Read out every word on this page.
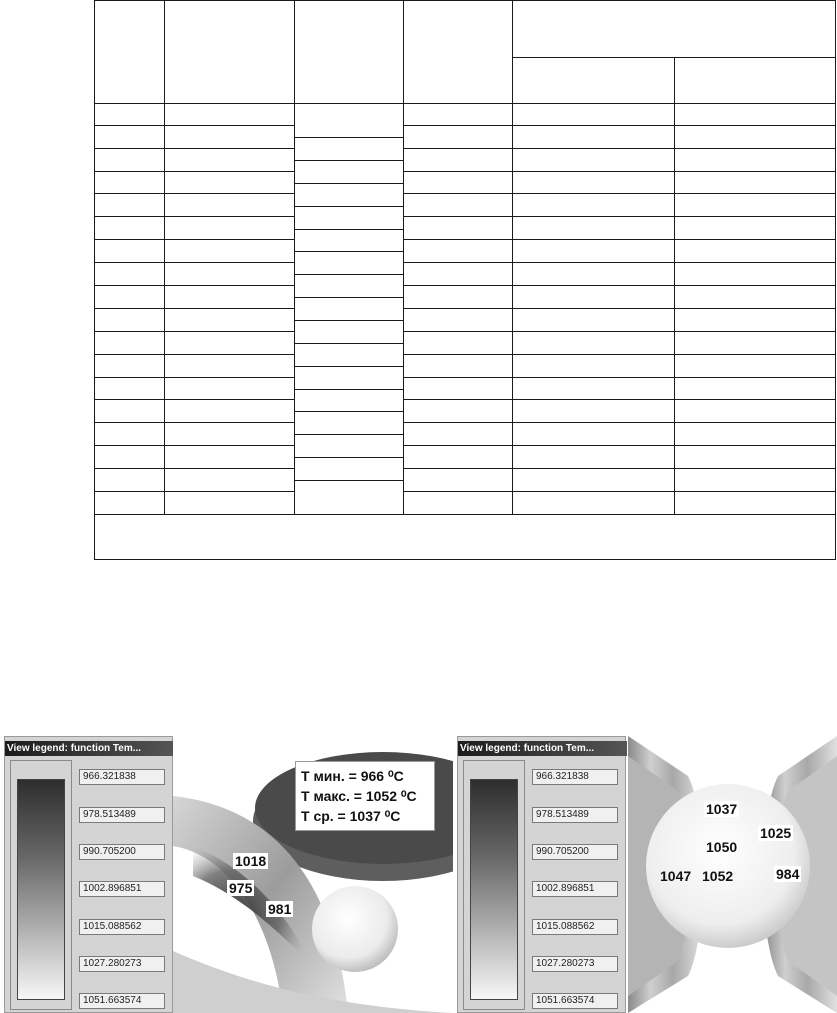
View legend: function Tem...
966.321838
978.513489
990.705200
1002.896851
1015.088562
1027.280273
1051.663574
T мин. = 966 ⁰C
T макс. = 1052 ⁰C
T ср. = 1037 ⁰C
1018
975
981
View legend: function Tem...
966.321838
978.513489
990.705200
1002.896851
1015.088562
1027.280273
1051.663574
1037
1025
1050
1047 1052	984
